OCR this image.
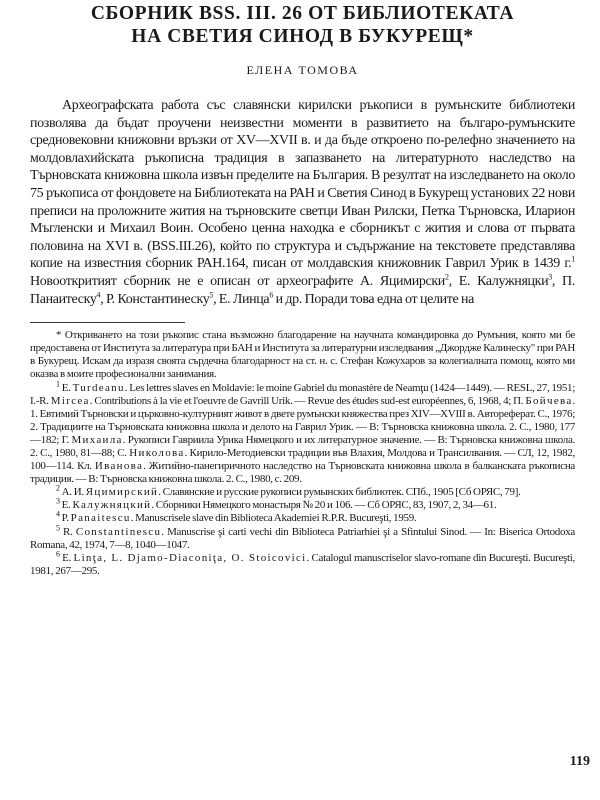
СБОРНИК BSS. III. 26 ОТ БИБЛИОТЕКАТА
НА СВЕТИЯ СИНОД В БУКУРЕЩ*
ЕЛЕНА ТОМОВА

Археографската работа със славянски кирилски ръкописи в румънските библиотеки позволява да бъдат проучени неизвестни моменти в развитието на българо-румънските средновековни книжовни връзки от XV—XVII в. и да бъде откроено по-релефно значението на молдовлахийската ръкописна традиция в запазването на литературното наследство на Търновската книжовна школа извън пределите на България. В резултат на изследването на около 75 ръкописа от фондовете на Библиотеката на РАН и Светия Синод в Букурещ установих 22 нови преписи на проложните жития на търновските светци Иван Рилски, Петка Търновска, Иларион Мъгленски и Михаил Воин. Особено ценна находка е сборникът с жития и слова от първата половина на XVI в. (BSS.III.26), който по структура и съдържание на текстовете представлява копие на известния сборник РАН.164, писан от молдавския книжовник Гаврил Урик в 1439 г.$^1$ Новооткритият сборник не е описан от археографите А. Яцимирски$^2$, Е. Калужняцки$^3$, П. Панаитеску$^4$, Р. Константинеску$^5$, Е. Линца$^6$ и др. Поради това една от целите на

* Откриването на този ръкопис стана възможно благодарение на научната командировка до Румъния, която ми бе предоставена от Института за литература при БАН и Института за литературни изследвания „Джордже Калинеску" при РАН в Букурещ. Искам да изразя своята сърдечна благодарност на ст. н. с. Стефан Кожухаров за колегиалната помощ, която ми оказва в моите професионални занимания.

$^1$ E. Turdeanu. Les lettres slaves en Moldavie: le moine Gabriel du monastère de Neamţu (1424—1449). — RESL, 27, 1951; I.-R. Mircea. Contributions à la vie et l'oeuvre de Gavrill Urik. — Revue des études sud-est européennes, 6, 1968, 4; П. Бойчева. 1. Евтимий Търновски и църковно-културният живот в дветe румънски княжества през XIV—XVIII в. Автореферат. С., 1976; 2. Традициите на Търновската книжовна школа и делото на Гаврил Урик. — В: Търновска книжовна школа. 2. С., 1980, 177—182; Г. Михаила. Рукописи Гавриила Урика Нямецкого и их литературное значение. — В: Търновска книжовна школа. 2. С., 1980, 81—88; С. Николова. Кирило-Методиевски традиции във Влахия, Молдова и Трансилвания. — СЛ, 12, 1982, 100—114. Кл. Иванова. Житийно-панегиричното наследство на Търновската книжовна школа в балканската ръкописна традиция. — В: Търновска книжовна школа. 2. С., 1980, с. 209.

$^2$ А. И. Яцимирский. Славянские и русские рукописи румынских библиотек. СПб., 1905 [Сб ОРЯС, 79].

$^3$ Е. Калужняцкий. Сборники Нямецкого монастыря № 20 и 106. — Сб ОРЯС, 83, 1907, 2, 34—61.

$^4$ P. Panaitescu. Manuscrisele slave din Biblioteca Akademiei R.P.R. Bucureşti, 1959.

$^5$ R. Constantinescu. Manuscrise şi carti vechi din Biblioteca Patriarhiei şi a Sfintului Sinod. — In: Biserica Ortodoxa Romana, 42, 1974, 7—8, 1040—1047.

$^6$ E. Linţa, L. Djamo-Diaconiţa, O. Stoicovici. Catalogul manuscriselor slavo-romane din Bucureşti. Bucureşti, 1981, 267—295.

119
